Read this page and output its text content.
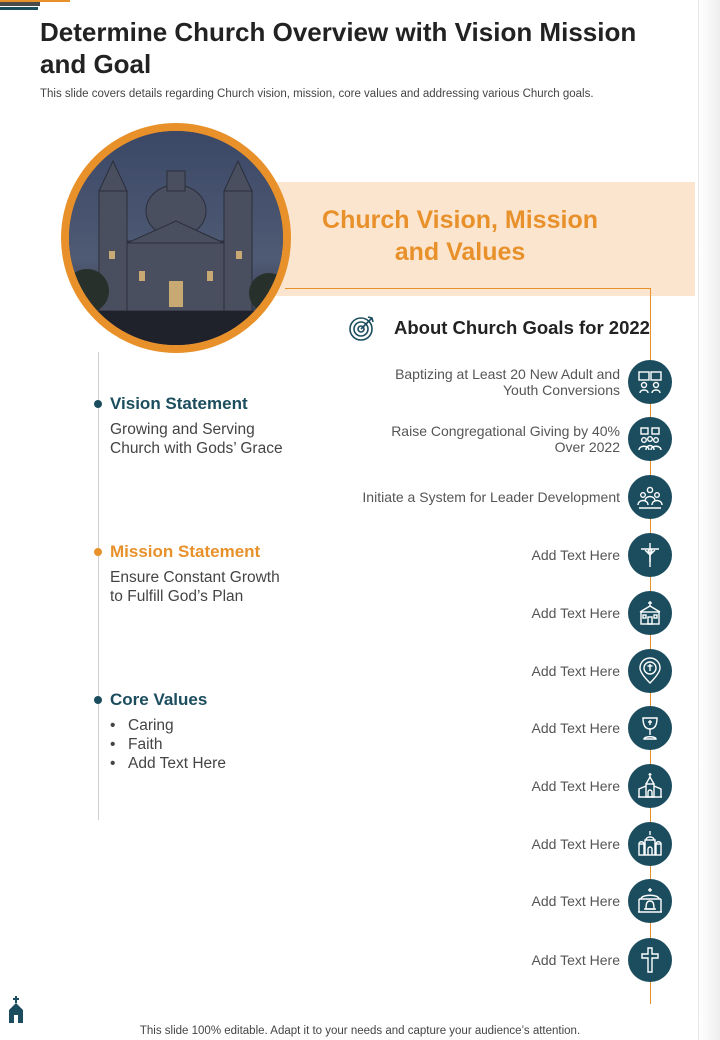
Determine Church Overview with Vision Mission and Goal

This slide covers details regarding Church vision, mission, core values and addressing various Church goals.

Church Vision, Mission and Values
About Church Goals for 2022
Vision Statement
Growing and Serving Church with Gods’ Grace
Mission Statement
Ensure Constant Growth to Fulfill God’s Plan
Core Values
• Caring
• Faith
• Add Text Here
Baptizing at Least 20 New Adult and Youth Conversions
Raise Congregational Giving by 40% Over 2022
Initiate a System for Leader Development
Add Text Here
Add Text Here
Add Text Here
Add Text Here
Add Text Here
Add Text Here
Add Text Here
Add Text Here
This slide 100% editable. Adapt it to your needs and capture your audience’s attention.
